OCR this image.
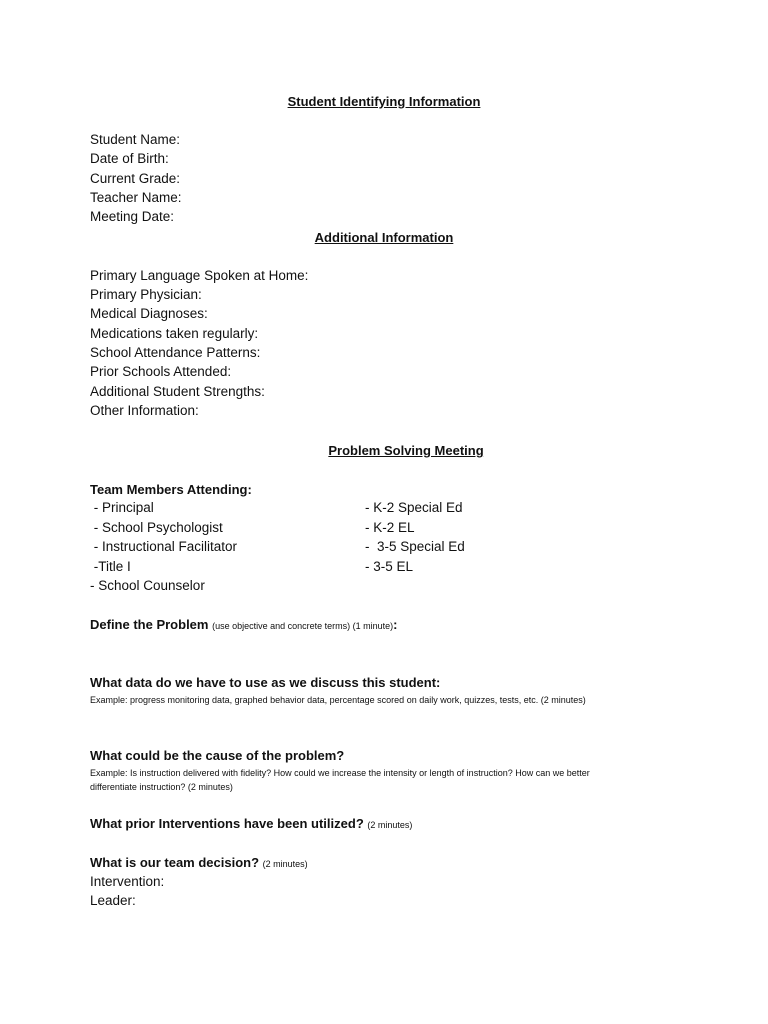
Student Identifying Information
Student Name:
Date of Birth:
Current Grade:
Teacher Name:
Meeting Date:
Additional Information
Primary Language Spoken at Home:
Primary Physician:
Medical Diagnoses:
Medications taken regularly:
School Attendance Patterns:
Prior Schools Attended:
Additional Student Strengths:
Other Information:
Problem Solving Meeting
Team Members Attending:
- Principal
- School Psychologist
- Instructional Facilitator
-Title I
- School Counselor
- K-2 Special Ed
- K-2 EL
-  3-5 Special Ed
- 3-5 EL
Define the Problem (use objective and concrete terms) (1 minute):
What data do we have to use as we discuss this student:
Example: progress monitoring data, graphed behavior data, percentage scored on daily work, quizzes, tests, etc. (2 minutes)
What could be the cause of the problem?
Example: Is instruction delivered with fidelity? How could we increase the intensity or length of instruction? How can we better
differentiate instruction? (2 minutes)
What prior Interventions have been utilized? (2 minutes)
What is our team decision? (2 minutes)
Intervention:
Leader:
